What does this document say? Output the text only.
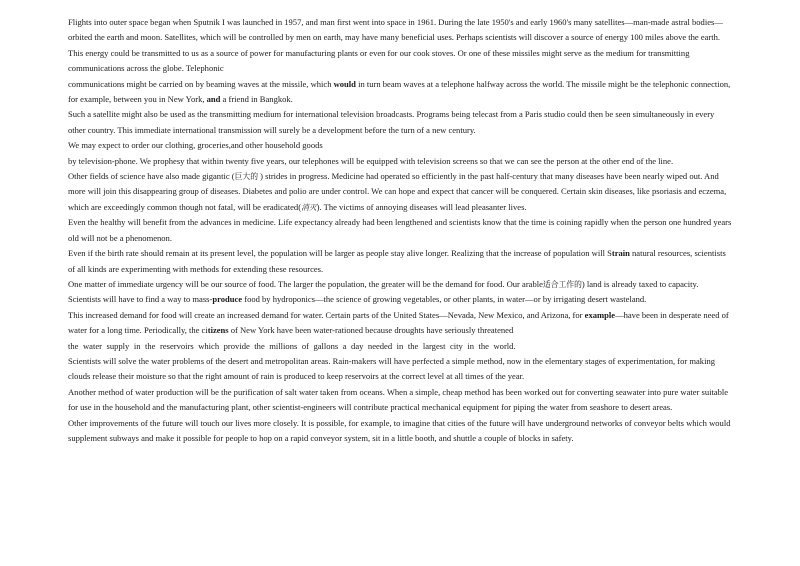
Flights into outer space began when Sputnik I was launched in 1957, and man first went into space in 1961. During the late 1950's and early 1960's many satellites—man-made astral bodies—orbited the earth and moon. Satellites, which will be controlled by men on earth, may have many beneficial uses. Perhaps scientists will discover a source of energy 100 miles above the earth. This energy could be transmitted to us as a source of power for manufacturing plants or even for our cook stoves. Or one of these missiles might serve as the medium for transmitting communications across the globe. Telephonic
communications might be carried on by beaming waves at the missile, which would in turn beam waves at a telephone halfway across the world. The missile might be the telephonic connection, for example, between you in New York, and a friend in Bangkok.

Such a satellite might also be used as the transmitting medium for international television broadcasts. Programs being telecast from a Paris studio could then be seen simultaneously in every other country. This immediate international transmission will surely be a development before the turn of a new century.

We may expect to order our clothing, groceries,and other household goods
by television-phone. We prophesy that within twenty five years, our telephones will be equipped with television screens so that we can see the person at the other end of the line.

Other fields of science have also made gigantic (巨大的 ) strides in progress. Medicine had operated so efficiently in the past half-century that many diseases have been nearly wiped out. And more will join this disappearing group of diseases. Diabetes and polio are under control. We can hope and expect that cancer will be conquered. Certain skin diseases, like psoriasis and eczema, which are exceedingly common though not fatal, will be eradicated(消灭). The victims of annoying diseases will lead pleasanter lives.

Even the healthy will benefit from the advances in medicine. Life expectancy already had been lengthened and scientists know that the time is coining rapidly when the person one hundred years old will not be a phenomenon.

Even if the birth rate should remain at its present level, the population will be larger as people stay alive longer. Realizing that the increase of population will Strain natural resources, scientists of all kinds are experimenting with methods for extending these resources.

One matter of immediate urgency will be our source of food. The larger the population, the greater will be the demand for food. Our arable适合工作的) land is already taxed to capacity. Scientists will have to find a way to mass-produce food by hydroponics—the science of growing vegetables, or other plants, in water—or by irrigating desert wasteland.

This increased demand for food will create an increased demand for water. Certain parts of the United States—Nevada, New Mexico, and Arizona, for example—have been in desperate need of water for a long time. Periodically, the citizens of New York have been water-rationed because droughts have seriously threatened
the water supply in the reservoirs which provide the millions of gallons a day needed in the largest city in the world.

Scientists will solve the water problems of the desert and metropolitan areas. Rain-makers will have perfected a simple method, now in the elementary stages of experimentation, for making clouds release their moisture so that the right amount of rain is produced to keep reservoirs at the correct level at all times of the year.

Another method of water production will be the purification of salt water taken from oceans. When a simple, cheap method has been worked out for converting seawater into pure water suitable for use in the household and the manufacturing plant, other scientist-engineers will contribute practical mechanical equipment for piping the water from seashore to desert areas.

Other improvements of the future will touch our lives more closely. It is possible, for example, to imagine that cities of the future will have underground networks of conveyor belts which would supplement subways and make it possible for people to hop on a rapid conveyor system, sit in a little booth, and shuttle a couple of blocks in safety.
